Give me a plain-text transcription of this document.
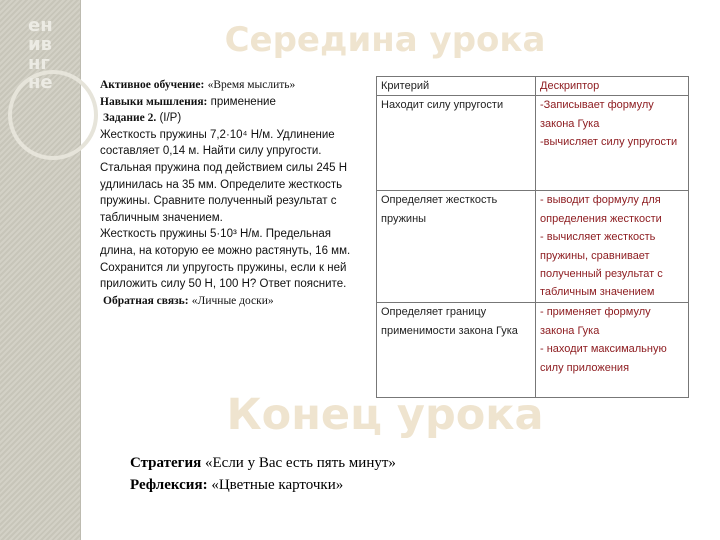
ен
ив
нг
не
Середина урока

Активное обучение: «Время мыслить»

Навыки мышления: применение

Задание 2. (I/P)

Жесткость пружины 7,2·10⁴ Н/м. Удлинение составляет 0,14 м. Найти силу упругости.

Стальная пружина под действием силы 245 Н удлинилась на 35 мм. Определите жесткость пружины. Сравните полученный результат с табличным значением.

Жесткость пружины 5·10³ Н/м. Предельная длина, на которую ее можно растянуть, 16 мм. Сохранится ли упругость пружины, если к ней приложить силу 50 Н, 100 Н? Ответ поясните.

Обратная связь: «Личные доски»

Критерий	Дескриптор
Находит силу упругости	-Записывает формулу закона Гука
-вычисляет силу упругости

Определяет жесткость пружины	- выводит формулу для определения жесткости
- вычисляет жесткость пружины, сравнивает полученный результат с табличным значением

Определяет границу применимости закона Гука	- применяет формулу закона Гука
- находит максимальную силу приложения
Конец урока

Стратегия «Если у Вас есть пять минут»

Рефлексия: «Цветные карточки»
